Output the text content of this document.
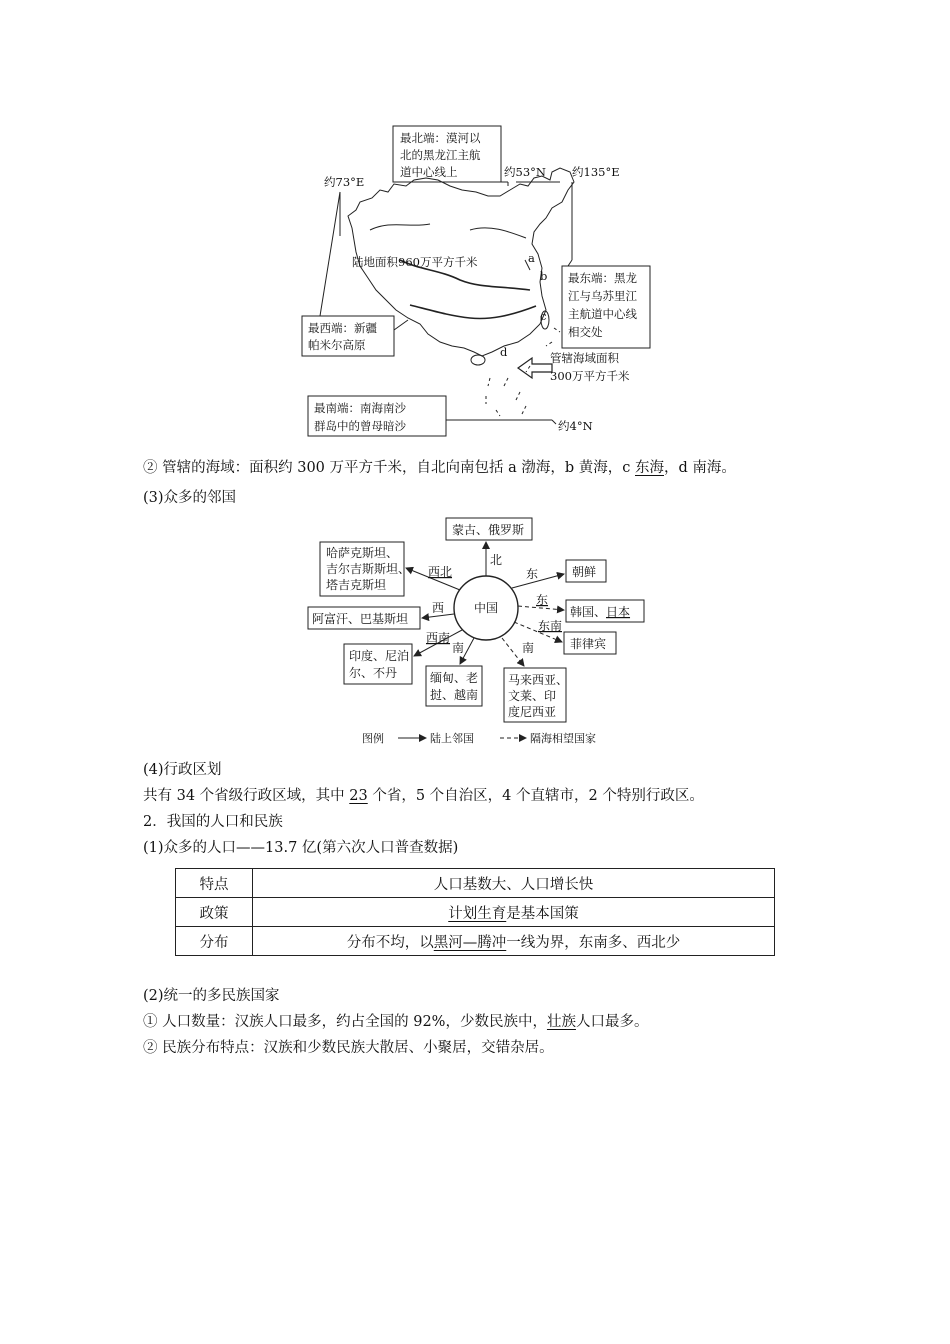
最北端：漠河以
北的黑龙江主航
道中心线上	约53°N 约135°E
约73°E
陆地面积960万平方千米	a
b
c
d
最东端：黑龙
江与乌苏里江
主航道中心线
相交处
最西端：新疆
帕米尔高原
管辖海域面积
300万平方千米
最南端：南海南沙
群岛中的曾母暗沙	约4°N
② 管辖的海域：面积约 300 万平方千米，自北向南包括 a 渤海，b 黄海，c 东海，d 南海。
(3)众多的邻国
中国
蒙古、俄罗斯
哈萨克斯坦、
吉尔吉斯斯坦、
塔吉克斯坦
阿富汗、巴基斯坦
印度、尼泊
尔、不丹	缅甸、老
挝、越南
马来西亚、
文莱、印
度尼西亚
朝鲜
韩国、日本
菲律宾
北
西北
西
西南
南	南
东
东
东南
图例	陆上邻国	隔海相望国家
(4)行政区划
共有 34 个省级行政区域，其中 23 个省，5 个自治区，4 个直辖市，2 个特别行政区。
2．我国的人口和民族
(1)众多的人口——13.7 亿(第六次人口普查数据)
特点	人口基数大、人口增长快
政策	计划生育是基本国策
分布	分布不均，以黑河—腾冲一线为界，东南多、西北少
(2)统一的多民族国家
① 人口数量：汉族人口最多，约占全国的 92%，少数民族中，壮族人口最多。
② 民族分布特点：汉族和少数民族大散居、小聚居，交错杂居。
